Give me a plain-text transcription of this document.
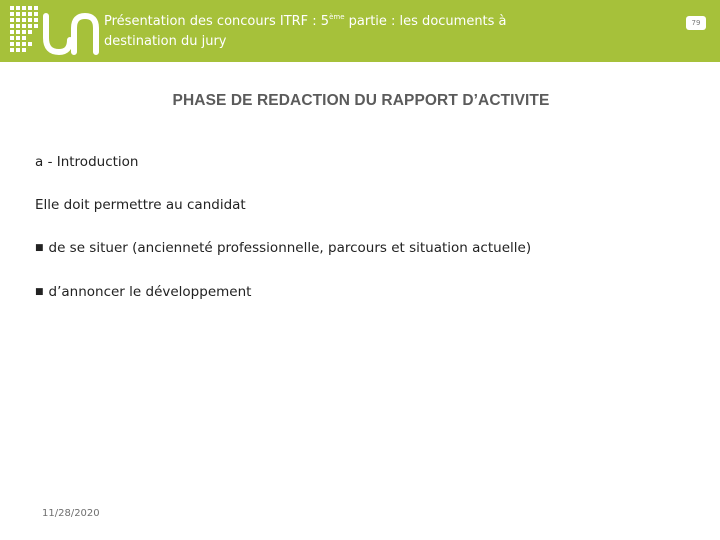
Présentation des concours ITRF : 5ème partie : les documents à destination du jury
79
PHASE DE REDACTION DU RAPPORT D’ACTIVITE
a - Introduction
Elle doit permettre au candidat
■ de se situer (ancienneté professionnelle, parcours et situation actuelle)
■ d’annoncer le développement
11/28/2020
